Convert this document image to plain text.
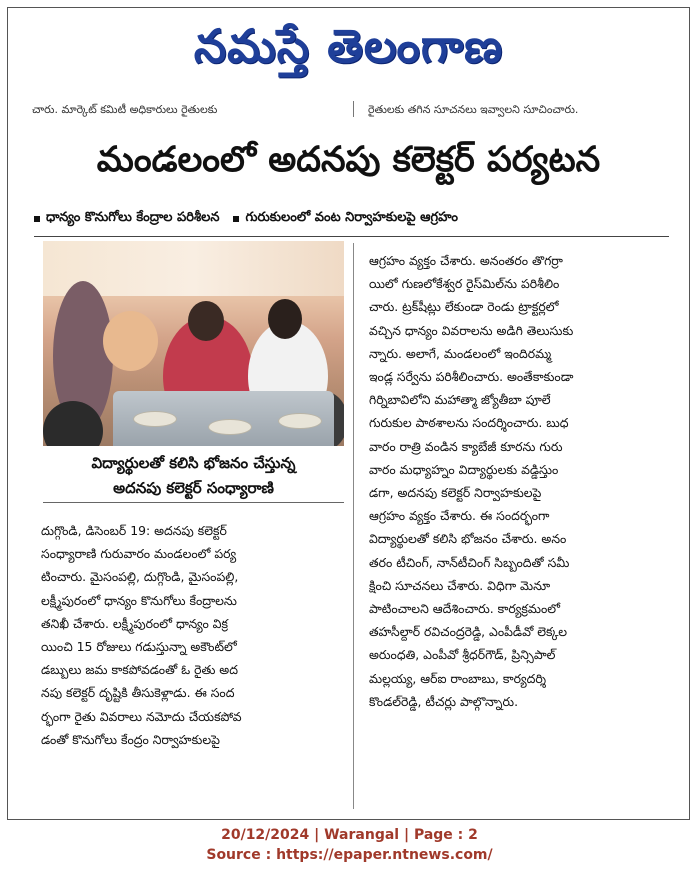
నమస్తే తెలంగాణ
చారు. మార్కెట్ కమిటీ అధికారులు రైతులకు	రైతులకు తగిన సూచనలు ఇవ్వాలని సూచించారు.
మండలంలో అదనపు కలెక్టర్ పర్యటన
ధాన్యం కొనుగోలు కేంద్రాల పరిశీలన గురుకులంలో వంట నిర్వాహకులపై ఆగ్రహం
విద్యార్థులతో కలిసి భోజనం చేస్తున్న
అదనపు కలెక్టర్ సంధ్యారాణి

దుగ్గొండి, డిసెంబర్ 19: అదనపు కలెక్టర్

సంధ్యారాణి గురువారం మండలంలో పర్య

టించారు. మైసంపల్లి, దుగ్గొండి, మైసంపల్లి,

లక్ష్మీపురంలో ధాన్యం కొనుగోలు కేంద్రాలను

తనిఖీ చేశారు. లక్ష్మీపురంలో ధాన్యం విక్ర

యించి 15 రోజులు గడుస్తున్నా అకౌంట్‌లో

డబ్బులు జమ కాకపోవడంతో ఓ రైతు అద

నపు కలెక్టర్ దృష్టికి తీసుకెళ్లాడు. ఈ సంద

ర్భంగా రైతు వివరాలు నమోదు చేయకపోవ

డంతో కొనుగోలు కేంద్రం నిర్వాహకులపై

ఆగ్రహం వ్యక్తం చేశారు. అనంతరం తొగర్రా

యిలో గుణలోకేశ్వర రైస్‌మిల్‌ను పరిశీలిం

చారు. ట్రక్‌షీట్లు లేకుండా రెండు ట్రాక్టర్లలో

వచ్చిన ధాన్యం వివరాలను అడిగి తెలుసుకు

న్నారు. అలాగే, మండలంలో ఇందిరమ్మ

ఇండ్ల సర్వేను పరిశీలించారు. అంతేకాకుండా

గిర్నిబావిలోని మహాత్మా జ్యోతీబా పూలే

గురుకుల పాఠశాలను సందర్శించారు. బుధ

వారం రాత్రి వండిన క్యాబేజీ కూరను గురు

వారం మధ్యాహ్నం విద్యార్థులకు వడ్డిస్తుం

డగా, అదనపు కలెక్టర్ నిర్వాహకులపై

ఆగ్రహం వ్యక్తం చేశారు. ఈ సందర్భంగా

విద్యార్థులతో కలిసి భోజనం చేశారు. అనం

తరం టీచింగ్, నాన్‌టీచింగ్ సిబ్బందితో సమీ

క్షించి సూచనలు చేశారు. విధిగా మెనూ

పాటించాలని ఆదేశించారు. కార్యక్రమంలో

తహసీల్దార్ రవిచంద్రరెడ్డి, ఎంపీడీవో లెక్కల

అరుంధతి, ఎంపీవో శ్రీధర్‌గౌడ్, ప్రిన్సిపాల్

మల్లయ్య, ఆర్‌ఐ రాంబాబు, కార్యదర్శి

కొండల్‌రెడ్డి, టీచర్లు పాల్గొన్నారు.

20/12/2024 | Warangal | Page : 2
Source : https://epaper.ntnews.com/
